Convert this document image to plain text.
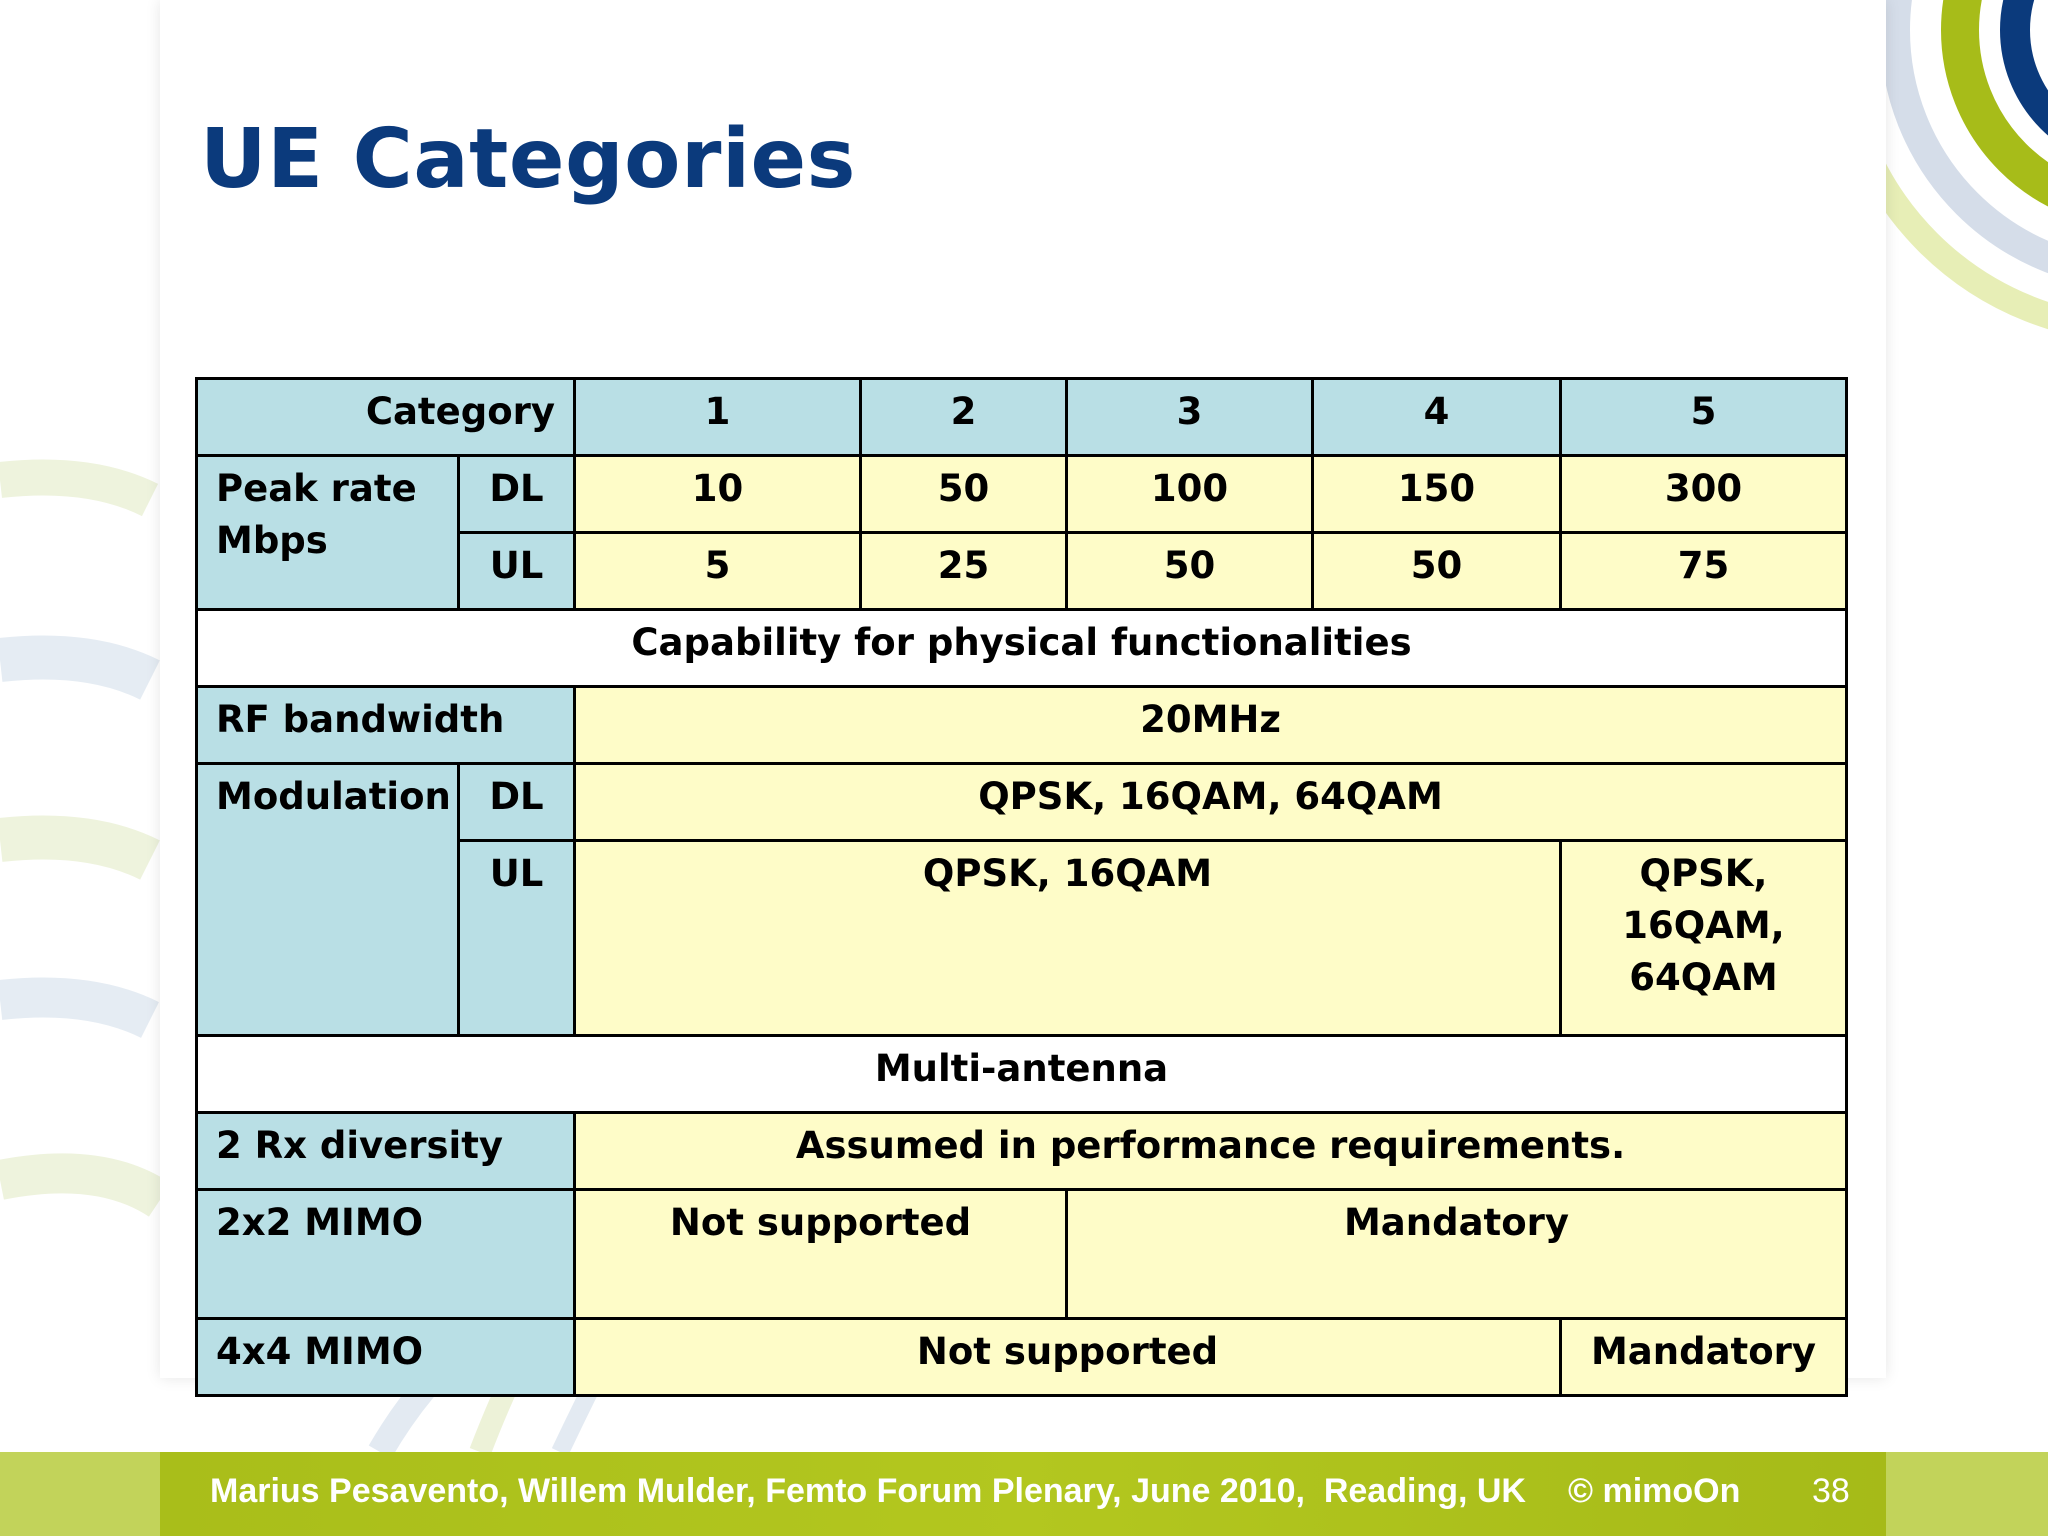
UE Categories
Category		1	2	3	4	5
Peak rate Mbps	DL	10	50	100	150	300
	UL	5	25	50	50	75
Capability for physical functionalities						
RF bandwidth		20MHz				
Modulation	DL	QPSK, 16QAM, 64QAM				
	UL	QPSK, 16QAM				QPSK, 16QAM, 64QAM
Multi-antenna						
2 Rx diversity		Assumed in performance requirements.				
2x2 MIMO		Not supported		Mandatory		
4x4 MIMO		Not supported				Mandatory
Marius Pesavento, Willem Mulder, Femto Forum Plenary, June 2010,  Reading, UK © mimoOn 38
